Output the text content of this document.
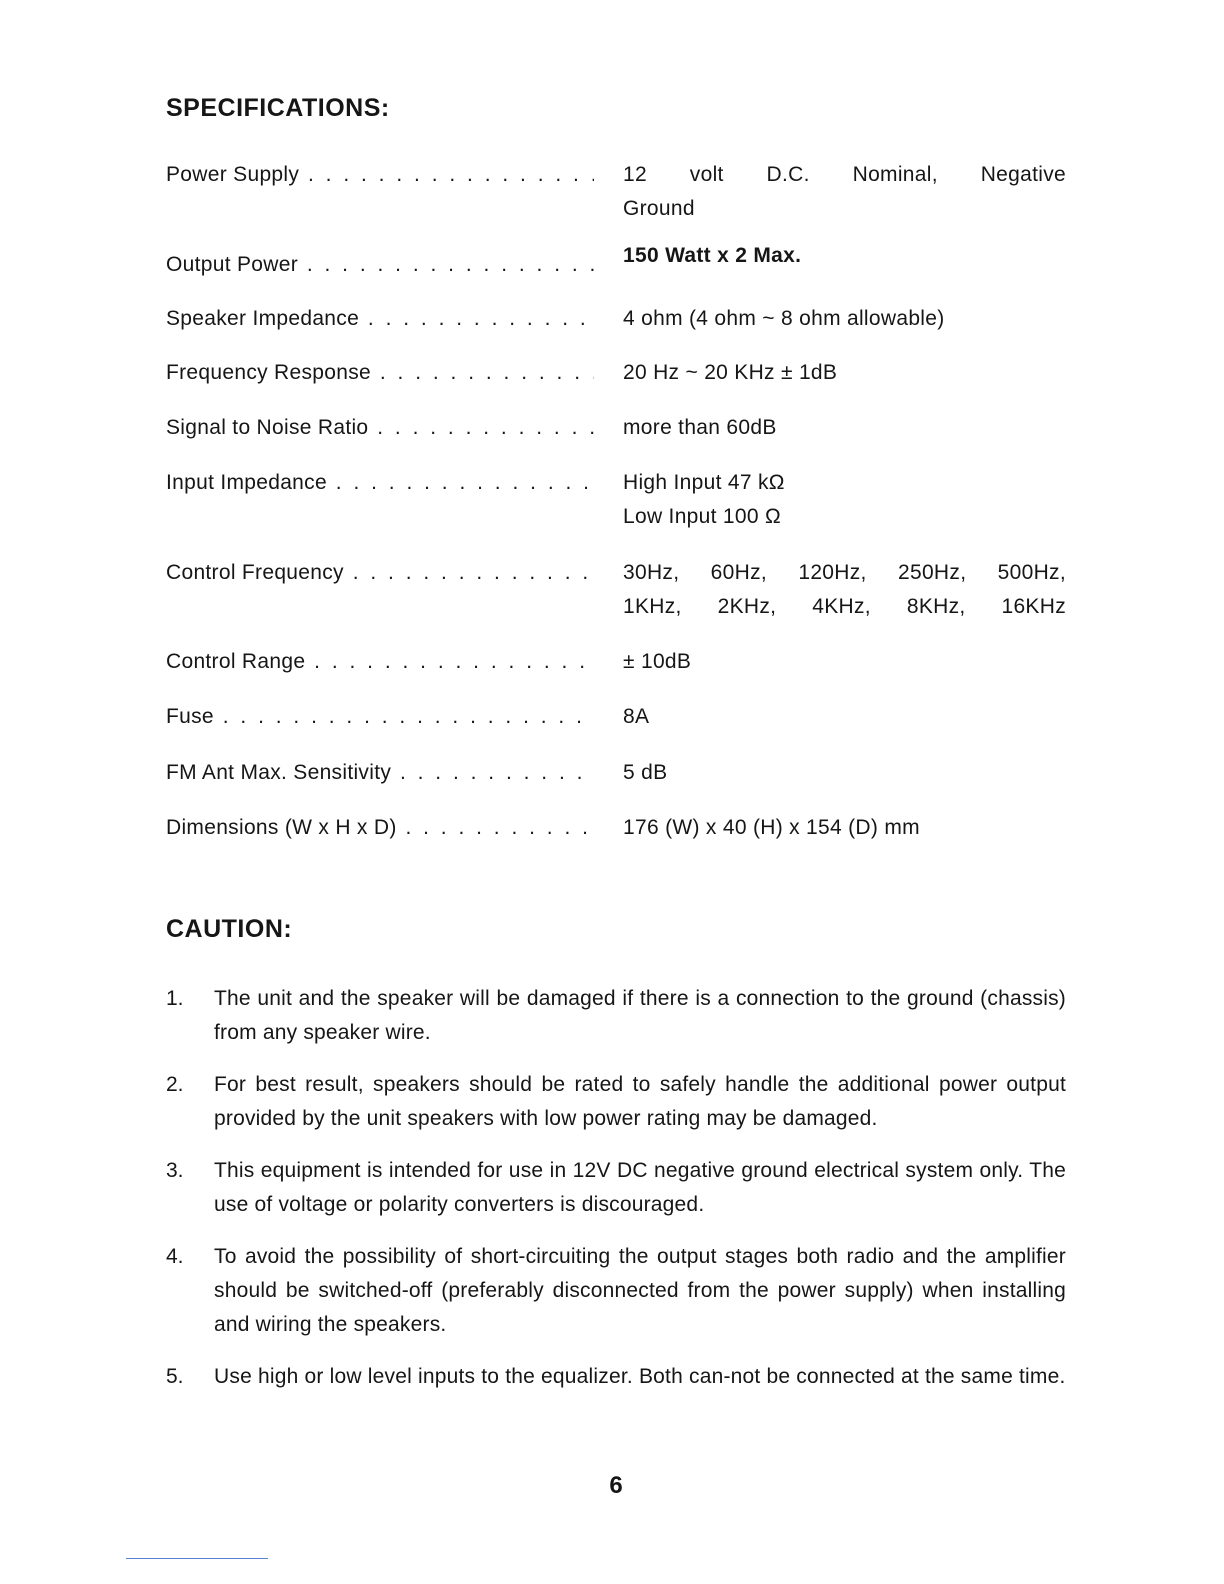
SPECIFICATIONS:
Power Supply . . .	12 volt D.C. Nominal, Negative
Ground
Output Power . . .	150 Watt x 2 Max.
Speaker Impedance . . .	4 ohm (4 ohm ~ 8 ohm allowable)
Frequency Response . . .	20 Hz ~ 20 KHz ± 1dB
Signal to Noise Ratio . . .	more than 60dB
Input Impedance . . .	High Input 47 kΩ
Low Input 100 Ω
Control Frequency . . .	30Hz, 60Hz, 120Hz, 250Hz, 500Hz,
1KHz, 2KHz, 4KHz, 8KHz, 16KHz
Control Range . . .	± 10dB
Fuse . . .	8A
FM Ant Max. Sensitivity . . .	5 dB
Dimensions (W x H x D) . . .	176 (W) x 40 (H) x 154 (D) mm
CAUTION:
1.	The unit and the speaker will be damaged if there is a connection to the ground (chassis) from any speaker wire.
2.	For best result, speakers should be rated to safely handle the additional power output provided by the unit speakers with low power rating may be damaged.
3.	This equipment is intended for use in 12V DC negative ground electrical system only. The use of voltage or polarity converters is discouraged.
4.	To avoid the possibility of short-circuiting the output stages both radio and the amplifier should be switched-off (preferably disconnected from the power supply) when installing and wiring the speakers.
5.	Use high or low level inputs to the equalizer. Both can-not be connected at the same time.
6
